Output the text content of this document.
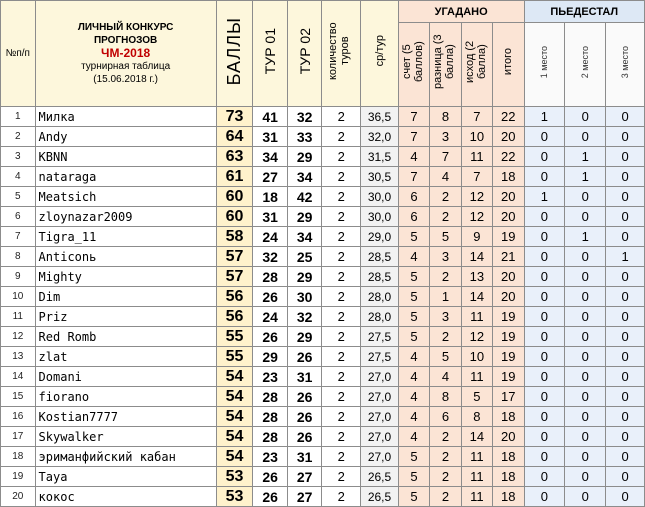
№п/п	ЛИЧНЫЙ КОНКУРС
ПРОГНОЗОВ
ЧМ-2018
турнирная таблица
(15.06.2018 г.)	БАЛЛЫ	ТУР 01	ТУР 02	количество туров	ср/тур	УГАДАНО				ПЬЕДЕСТАЛ		
							счет (5 баллов)	разница (3 балла)	исход (2 балла)	итого	1 место	2 место	3 место
1	Милка	73	41	32	2	36,5	7	8	7	22	1	0	0
2	Andy	64	31	33	2	32,0	7	3	10	20	0	0	0
3	KBNN	63	34	29	2	31,5	4	7	11	22	0	1	0
4	nataraga	61	27	34	2	30,5	7	4	7	18	0	1	0
5	Meatsich	60	18	42	2	30,0	6	2	12	20	1	0	0
6	zloynazar2009	60	31	29	2	30,0	6	2	12	20	0	0	0
7	Tigra_11	58	24	34	2	29,0	5	5	9	19	0	1	0
8	Anticonь	57	32	25	2	28,5	4	3	14	21	0	0	1
9	Mighty	57	28	29	2	28,5	5	2	13	20	0	0	0
10	Dim	56	26	30	2	28,0	5	1	14	20	0	0	0
11	Priz	56	24	32	2	28,0	5	3	11	19	0	0	0
12	Red Romb	55	26	29	2	27,5	5	2	12	19	0	0	0
13	zlat	55	29	26	2	27,5	4	5	10	19	0	0	0
14	Domani	54	23	31	2	27,0	4	4	11	19	0	0	0
15	fiorano	54	28	26	2	27,0	4	8	5	17	0	0	0
16	Kostian7777	54	28	26	2	27,0	4	6	8	18	0	0	0
17	Skywalker	54	28	26	2	27,0	4	2	14	20	0	0	0
18	эриманфийский кабан	54	23	31	2	27,0	5	2	11	18	0	0	0
19	Taya	53	26	27	2	26,5	5	2	11	18	0	0	0
20	кокос	53	26	27	2	26,5	5	2	11	18	0	0	0
